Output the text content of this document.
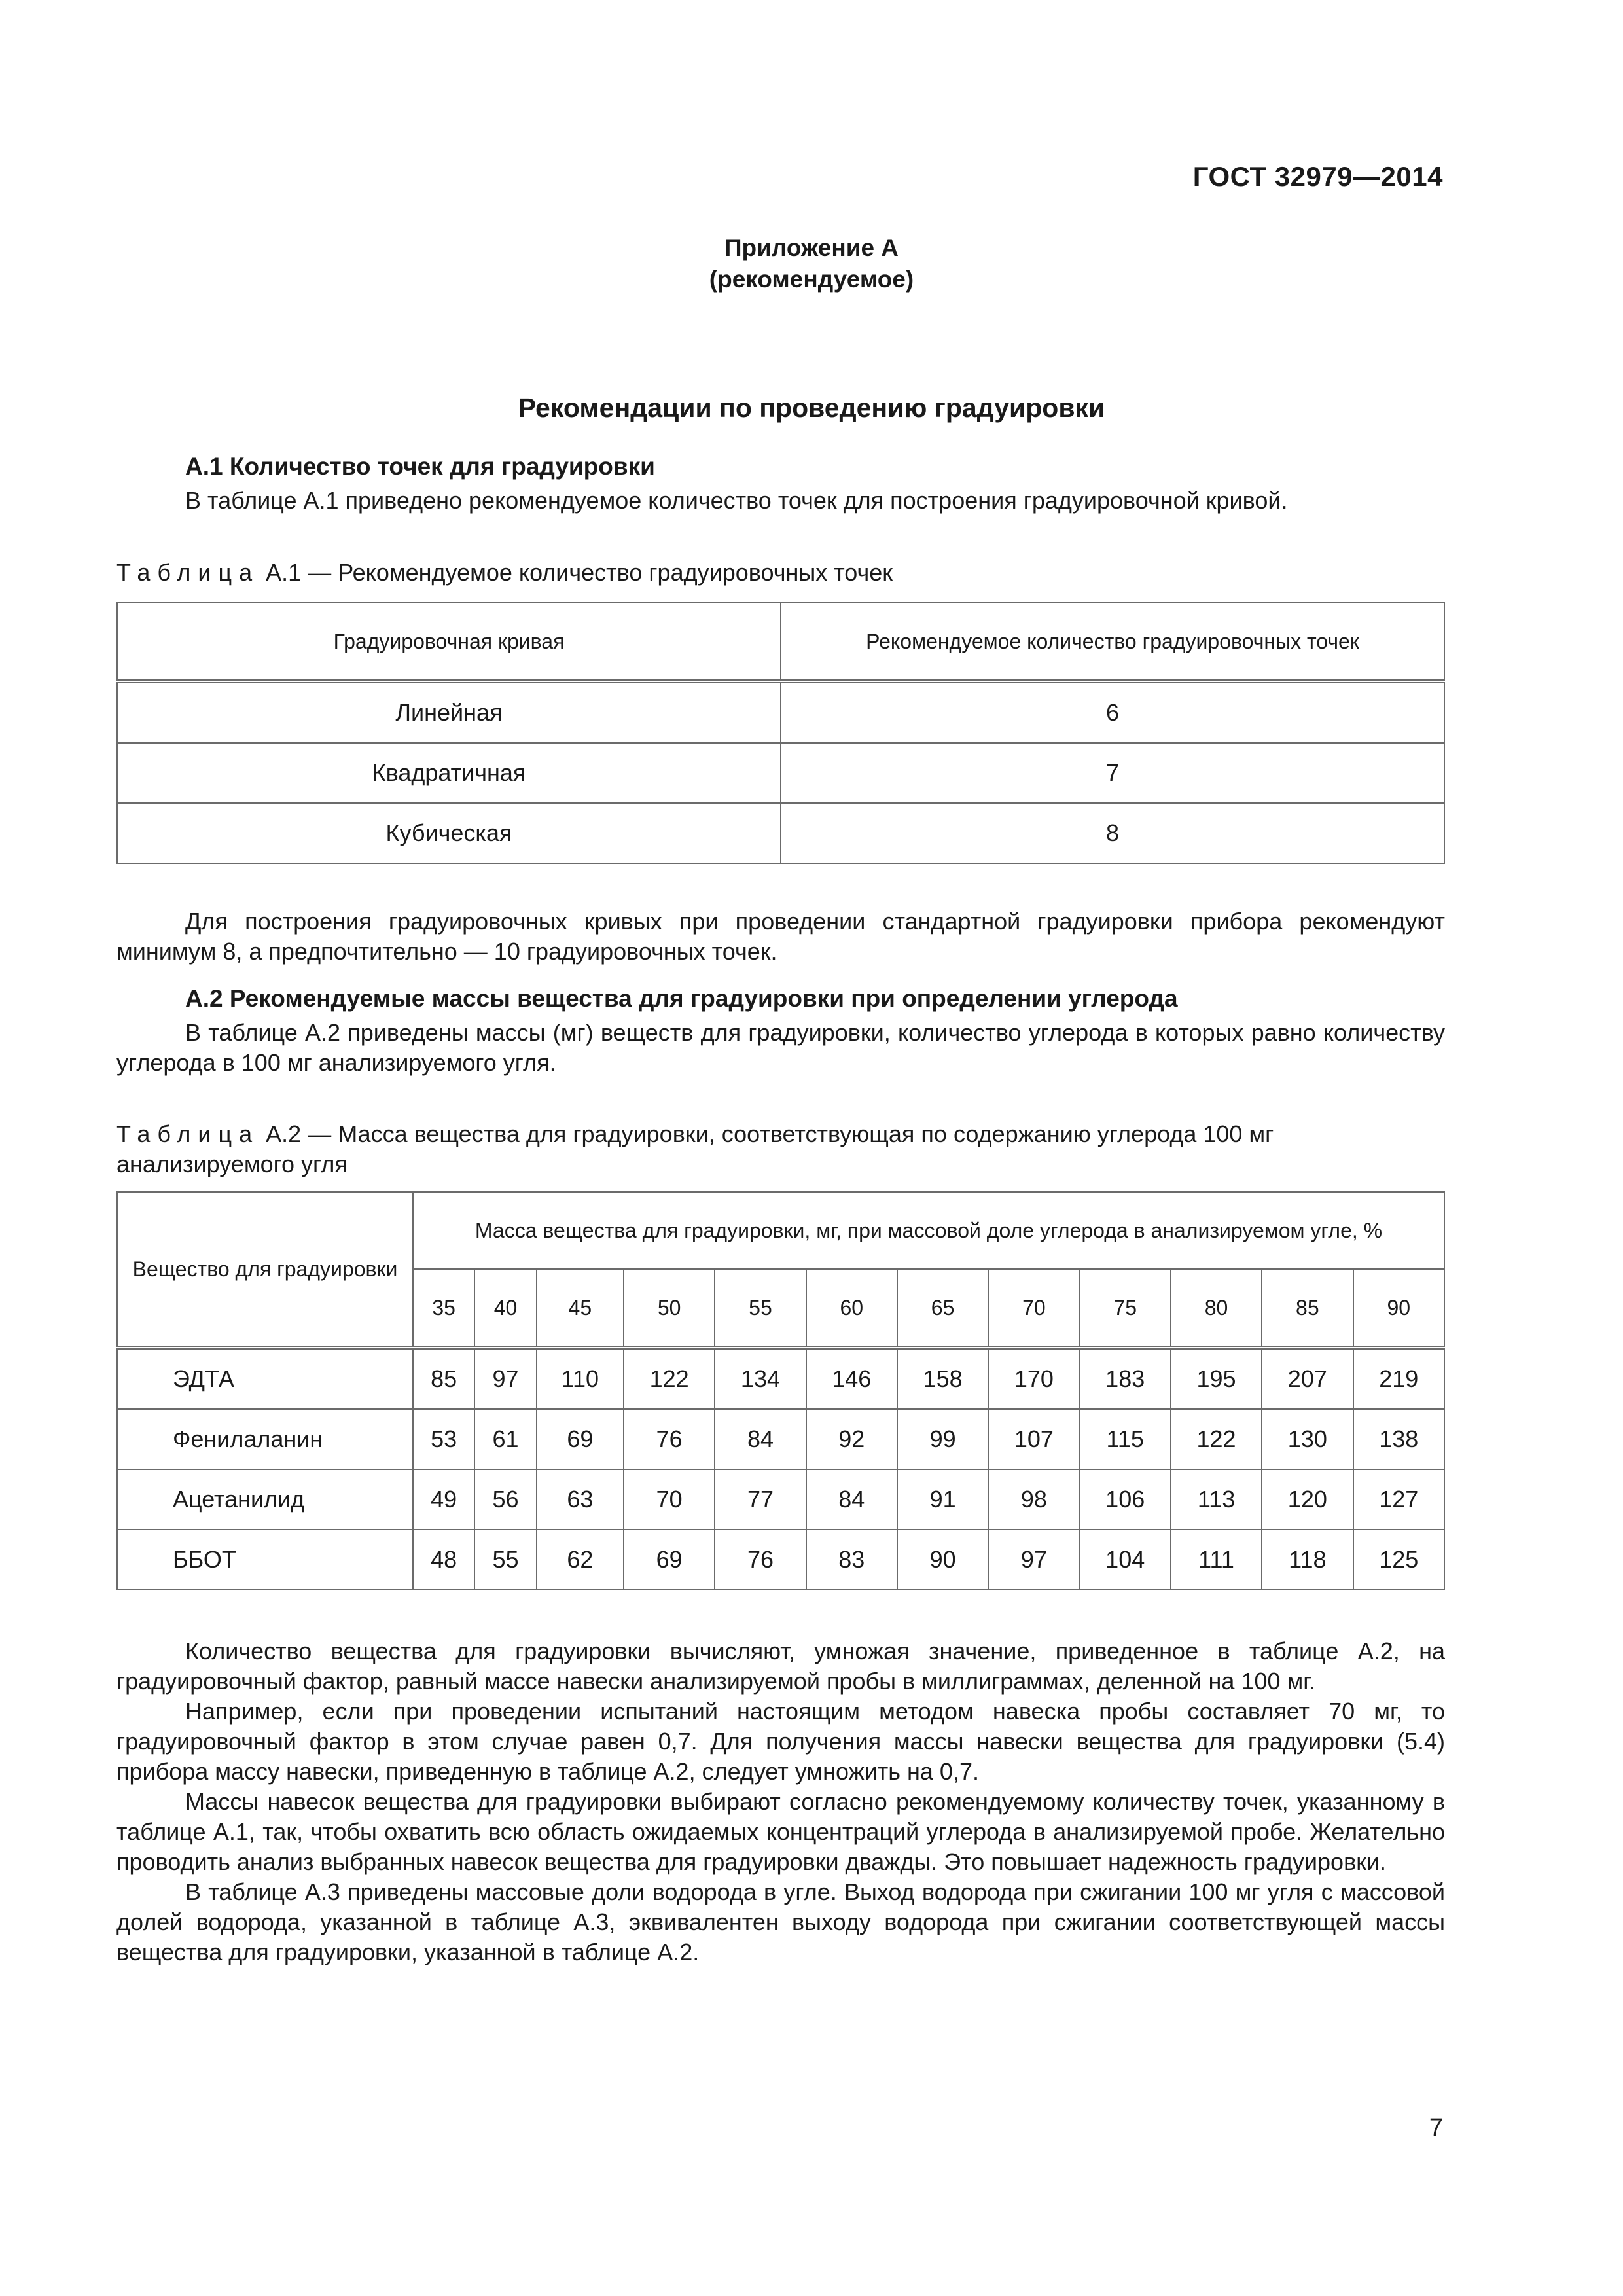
ГОСТ 32979—2014
Приложение А
(рекомендуемое)
Рекомендации по проведению градуировки
А.1 Количество точек для градуировки

В таблице А.1 приведено рекомендуемое количество точек для построения градуировочной кривой.

Таблица А.1 — Рекомендуемое количество градуировочных точек
Градуировочная кривая	Рекомендуемое количество градуировочных точек
Линейная	6
Квадратичная	7
Кубическая	8

Для построения градуировочных кривых при проведении стандартной градуировки прибора рекомендуют минимум 8, а предпочтительно — 10 градуировочных точек.

А.2 Рекомендуемые массы вещества для градуировки при определении углерода

В таблице А.2 приведены массы (мг) веществ для градуировки, количество углерода в которых равно количеству углерода в 100 мг анализируемого угля.

Таблица А.2 — Масса вещества для градуировки, соответствующая по содержанию углерода 100 мг анализируемого угля
Вещество для градуировки	Масса вещества для градуировки, мг, при массовой доле углерода в анализируемом угле, %											
	35	40	45	50	55	60	65	70	75	80	85	90
ЭДТА	85	97	110	122	134	146	158	170	183	195	207	219
Фенилаланин	53	61	69	76	84	92	99	107	115	122	130	138
Ацетанилид	49	56	63	70	77	84	91	98	106	113	120	127
ББОТ	48	55	62	69	76	83	90	97	104	111	118	125

Количество вещества для градуировки вычисляют, умножая значение, приведенное в таблице А.2, на градуировочный фактор, равный массе навески анализируемой пробы в миллиграммах, деленной на 100 мг.

Например, если при проведении испытаний настоящим методом навеска пробы составляет 70 мг, то градуировочный фактор в этом случае равен 0,7. Для получения массы навески вещества для градуировки (5.4) прибора массу навески, приведенную в таблице А.2, следует умножить на 0,7.

Массы навесок вещества для градуировки выбирают согласно рекомендуемому количеству точек, указанному в таблице А.1, так, чтобы охватить всю область ожидаемых концентраций углерода в анализируемой пробе. Желательно проводить анализ выбранных навесок вещества для градуировки дважды. Это повышает надежность градуировки.

В таблице А.3 приведены массовые доли водорода в угле. Выход водорода при сжигании 100 мг угля с массовой долей водорода, указанной в таблице А.3, эквивалентен выходу водорода при сжигании соответствующей массы вещества для градуировки, указанной в таблице А.2.

7
